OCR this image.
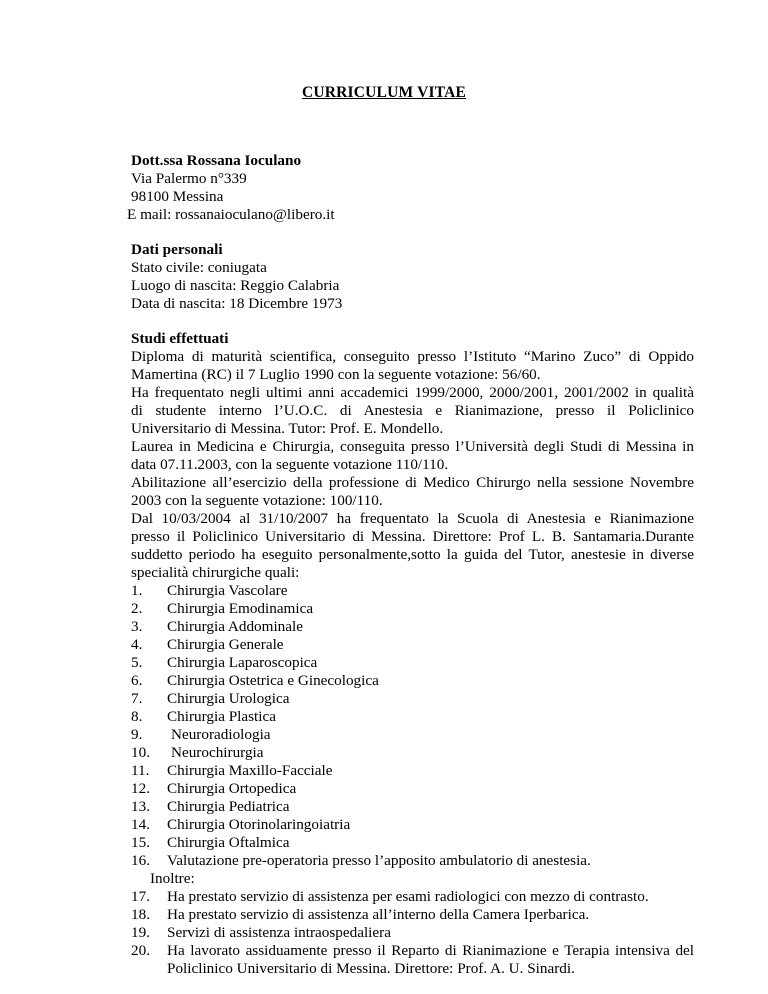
CURRICULUM VITAE
Dott.ssa Rossana Ioculano
Via Palermo n°339
98100 Messina
E mail: rossanaioculano@libero.it
Dati personali
Stato civile: coniugata
Luogo di nascita: Reggio Calabria
Data di nascita: 18 Dicembre 1973
Studi effettuati
Diploma di maturità scientifica, conseguito presso l’Istituto “Marino Zuco” di Oppido
Mamertina (RC) il 7 Luglio 1990 con la seguente votazione: 56/60.
Ha frequentato negli ultimi anni accademici 1999/2000, 2000/2001, 2001/2002 in qualità
di studente interno l’U.O.C. di Anestesia e Rianimazione, presso il Policlinico
Universitario di Messina. Tutor: Prof. E. Mondello.
Laurea in Medicina e Chirurgia, conseguita presso l’Università degli Studi di Messina in
data 07.11.2003, con la seguente votazione 110/110.
Abilitazione all’esercizio della professione di Medico Chirurgo nella sessione Novembre
2003 con la seguente votazione: 100/110.
Dal 10/03/2004 al 31/10/2007 ha frequentato la Scuola di Anestesia e Rianimazione
presso il Policlinico Universitario di Messina. Direttore: Prof L. B. Santamaria.Durante
suddetto periodo ha eseguito personalmente,sotto la guida del Tutor, anestesie in diverse
specialità chirurgiche quali:
1. Chirurgia Vascolare
2. Chirurgia Emodinamica
3. Chirurgia Addominale
4. Chirurgia Generale
5. Chirurgia Laparoscopica
6. Chirurgia Ostetrica e Ginecologica
7. Chirurgia Urologica
8. Chirurgia Plastica
9.Neuroradiologia
10.Neurochirurgia
11. Chirurgia Maxillo-Facciale
12. Chirurgia Ortopedica
13. Chirurgia Pediatrica
14. Chirurgia Otorinolaringoiatria
15. Chirurgia Oftalmica
16. Valutazione pre-operatoria presso l’apposito ambulatorio di anestesia.
Inoltre:
17. Ha prestato servizio di assistenza per esami radiologici con mezzo di contrasto.
18. Ha prestato servizio di assistenza all’interno della Camera Iperbarica.
19. Servizi di assistenza intraospedaliera
20. Ha lavorato assiduamente presso il Reparto di Rianimazione e Terapia intensiva del
Policlinico Universitario di Messina. Direttore: Prof. A. U. Sinardi.
